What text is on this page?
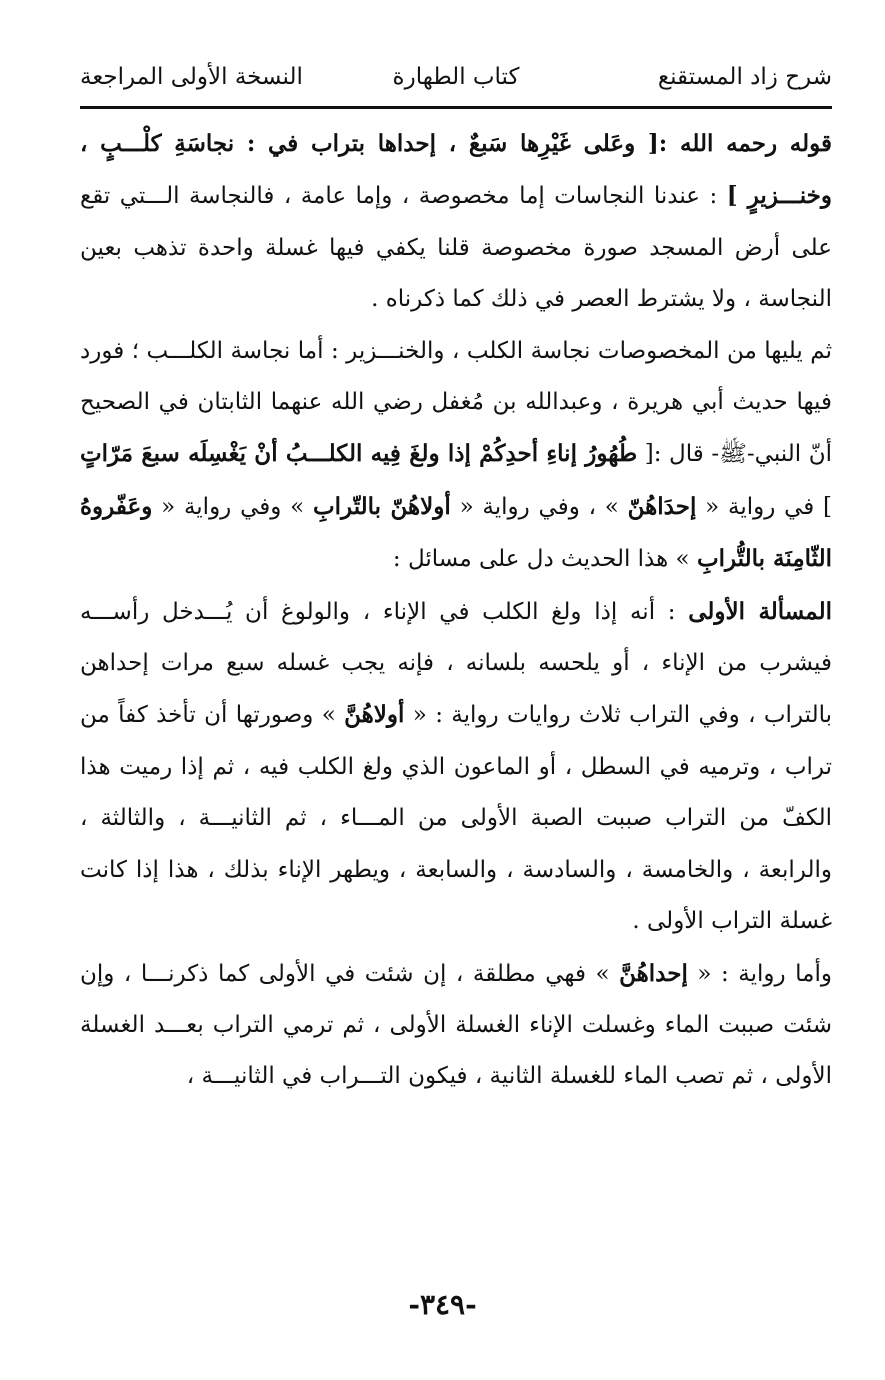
شرح زاد المستقنع
كتاب الطهارة
النسخة الأولى المراجعة

قوله رحمه الله :[ وعَلى غَيْرِها سَبعٌ ، إحداها بتراب في : نجاسَةِ كلْـــبٍ ، وخنـــزيرٍ ] : عندنا النجاسات إما مخصوصة ، وإما عامة ، فالنجاسة الـــتي تقع على أرض المسجد صورة مخصوصة قلنا يكفي فيها غسلة واحدة تذهب بعين النجاسة ، ولا يشترط العصر في ذلك كما ذكرناه .

ثم يليها من المخصوصات نجاسة الكلب ، والخنـــزير : أما نجاسة الكلـــب ؛ فورد فيها حديث أبي هريرة ، وعبدالله بن مُغفل رضي الله عنهما الثابتان في الصحيح أنّ النبي-ﷺ- قال :[ طُهُورُ إناءِ أحدِكُمْ إذا ولغَ فِيه الكلـــبُ أنْ يَغْسِلَه سبعَ مَرّاتٍ ] في رواية « إحدَاهُنّ » ، وفي رواية « أولاهُنّ بالتّرابِ » وفي رواية « وعَفّروهُ الثّامِنَة بالتُّرابِ » هذا الحديث دل على مسائل :

المسألة الأولى : أنه إذا ولغ الكلب في الإناء ، والولوغ أن يُـــدخل رأســـه فيشرب من الإناء ، أو يلحسه بلسانه ، فإنه يجب غسله سبع مرات إحداهن بالتراب ، وفي التراب ثلاث روايات رواية : « أولاهُنَّ » وصورتها أن تأخذ كفاً من تراب ، وترميه في السطل ، أو الماعون الذي ولغ الكلب فيه ، ثم إذا رميت هذا الكفّ من التراب صببت الصبة الأولى من المـــاء ، ثم الثانيـــة ، والثالثة ، والرابعة ، والخامسة ، والسادسة ، والسابعة ، ويطهر الإناء بذلك ، هذا إذا كانت غسلة التراب الأولى .

وأما رواية : « إحداهُنَّ » فهي مطلقة ، إن شئت في الأولى كما ذكرنـــا ، وإن شئت صببت الماء وغسلت الإناء الغسلة الأولى ، ثم ترمي التراب بعـــد الغسلة الأولى ، ثم تصب الماء للغسلة الثانية ، فيكون التـــراب في الثانيـــة ،

-٣٤٩-
